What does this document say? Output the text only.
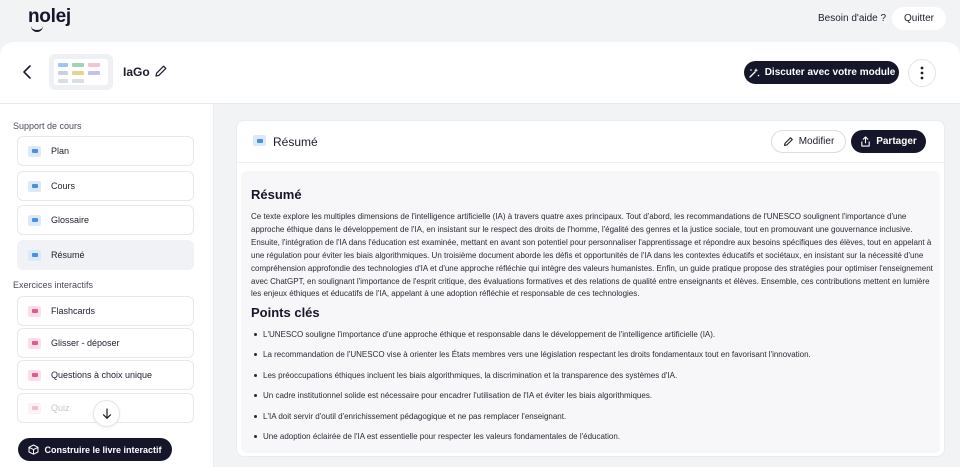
nolej	Besoin d'aide ?	Quitter
IaGo	Discuter avec votre module
Support de cours
Plan
Cours
Glossaire
Résumé
Exercices interactifs
Flashcards
Glisser - déposer
Questions à choix unique
Quiz
Construire le livre interactif
Résumé	Modifier	Partager
Résumé

Ce texte explore les multiples dimensions de l'intelligence artificielle (IA) à travers quatre axes principaux. Tout d'abord, les recommandations de l'UNESCO soulignent l'importance d'une approche éthique dans le développement de l'IA, en insistant sur le respect des droits de l'homme, l'égalité des genres et la justice sociale, tout en promouvant une gouvernance inclusive. Ensuite, l'intégration de l'IA dans l'éducation est examinée, mettant en avant son potentiel pour personnaliser l'apprentissage et répondre aux besoins spécifiques des élèves, tout en appelant à une régulation pour éviter les biais algorithmiques. Un troisième document aborde les défis et opportunités de l'IA dans les contextes éducatifs et sociétaux, en insistant sur la nécessité d'une compréhension approfondie des technologies d'IA et d'une approche réfléchie qui intègre des valeurs humanistes. Enfin, un guide pratique propose des stratégies pour optimiser l'enseignement avec ChatGPT, en soulignant l'importance de l'esprit critique, des évaluations formatives et des relations de qualité entre enseignants et élèves. Ensemble, ces contributions mettent en lumière les enjeux éthiques et éducatifs de l'IA, appelant à une adoption réfléchie et responsable de ces technologies.

Points clés
L'UNESCO souligne l'importance d'une approche éthique et responsable dans le développement de l'intelligence artificielle (IA).
La recommandation de l'UNESCO vise à orienter les États membres vers une législation respectant les droits fondamentaux tout en favorisant l'innovation.
Les préoccupations éthiques incluent les biais algorithmiques, la discrimination et la transparence des systèmes d'IA.
Un cadre institutionnel solide est nécessaire pour encadrer l'utilisation de l'IA et éviter les biais algorithmiques.
L'IA doit servir d'outil d'enrichissement pédagogique et ne pas remplacer l'enseignant.
Une adoption éclairée de l'IA est essentielle pour respecter les valeurs fondamentales de l'éducation.
